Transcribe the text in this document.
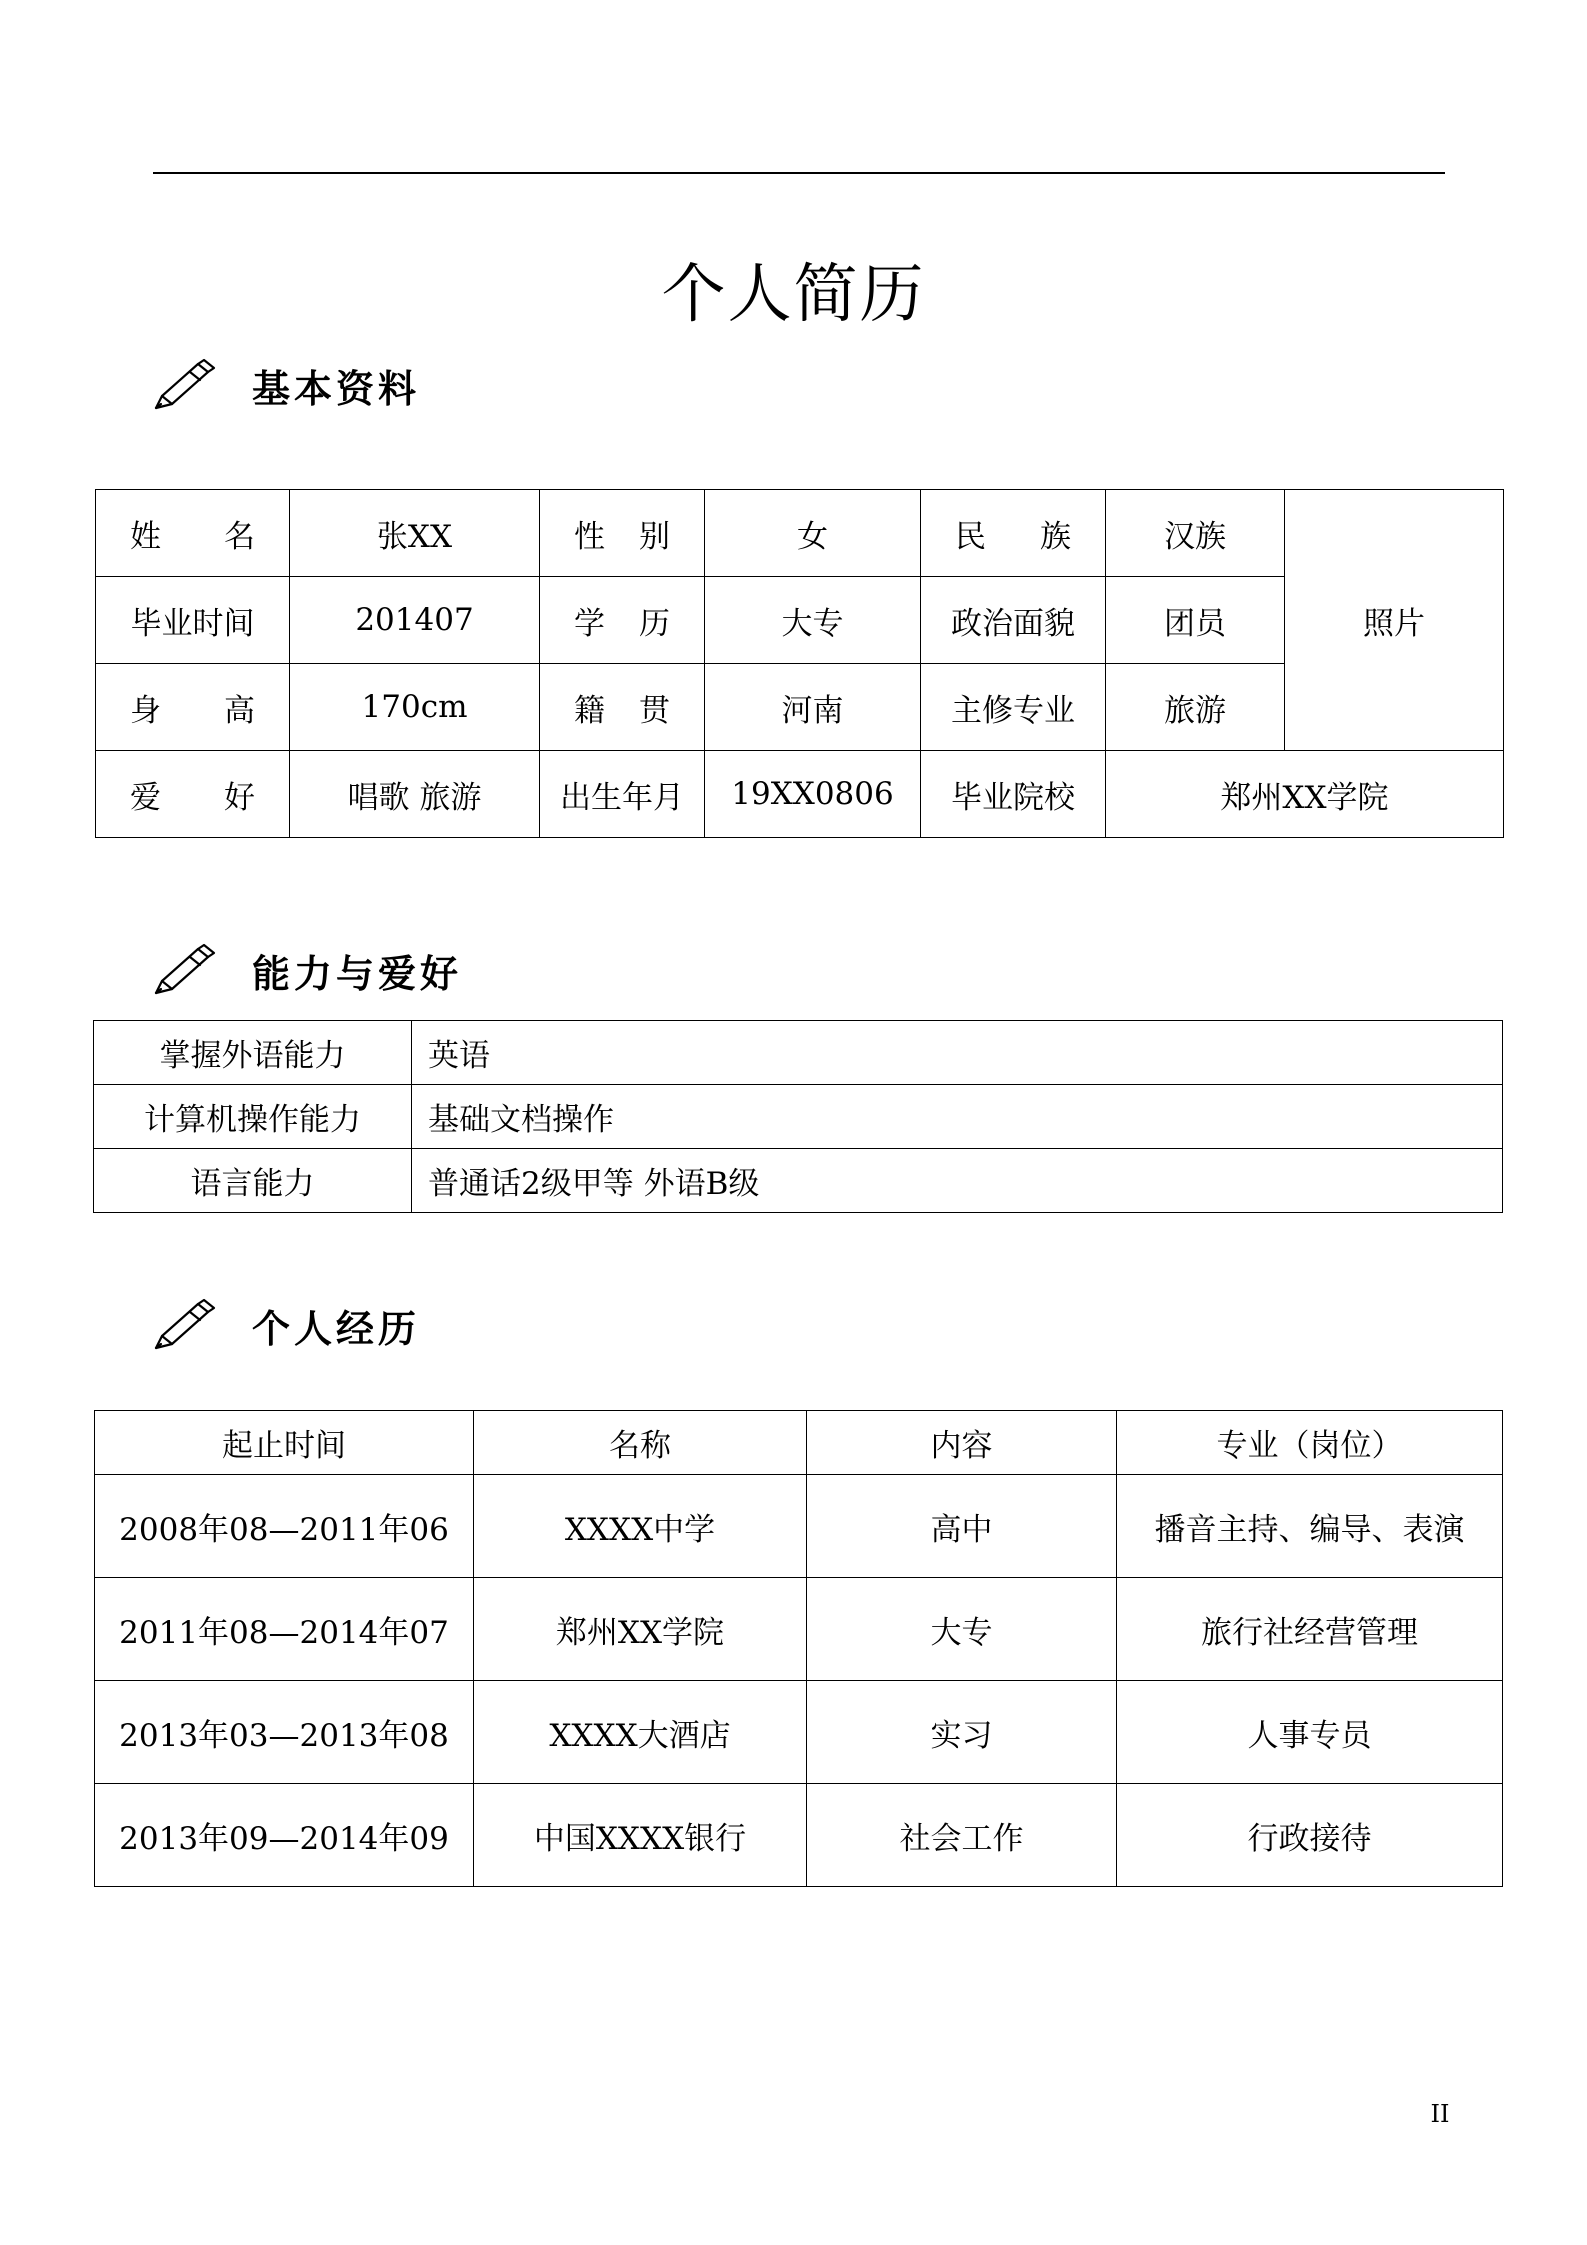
个人简历
基本资料
姓 名	张XX	性 别	女	民 族	汉族	照片
毕业时间	201407	学 历	大专	政治面貌	团员	
身 高	170cm	籍 贯	河南	主修专业	旅游	
爱 好	唱歌 旅游	出生年月	19XX0806	毕业院校	郑州XX学院	
能力与爱好
掌握外语能力	英语
计算机操作能力	基础文档操作
语言能力	普通话2级甲等 外语B级
个人经历
起止时间	名称	内容	专业（岗位）
2008年08—2011年06	XXXX中学	高中	播音主持、编导、表演
2011年08—2014年07	郑州XX学院	大专	旅行社经营管理
2013年03—2013年08	XXXX大酒店	实习	人事专员
2013年09—2014年09	中国XXXX银行	社会工作	行政接待
II
